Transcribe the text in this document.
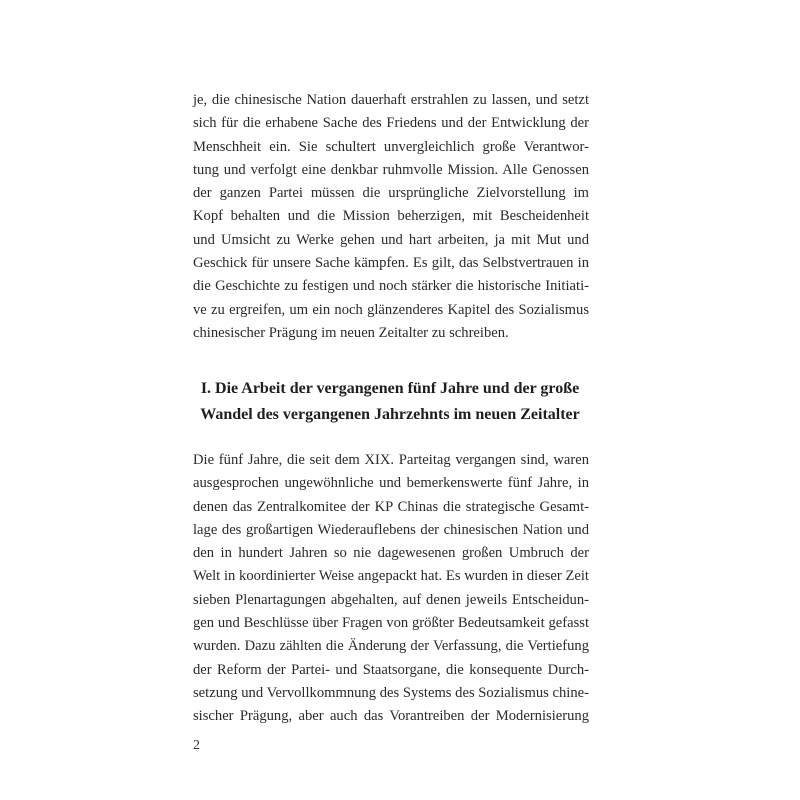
je, die chinesische Nation dauerhaft erstrahlen zu lassen, und setzt
sich für die erhabene Sache des Friedens und der Entwicklung der
Menschheit ein. Sie schultert unvergleichlich große Verantwor-
tung und verfolgt eine denkbar ruhmvolle Mission. Alle Genossen
der ganzen Partei müssen die ursprüngliche Zielvorstellung im
Kopf behalten und die Mission beherzigen, mit Bescheidenheit
und Umsicht zu Werke gehen und hart arbeiten, ja mit Mut und
Geschick für unsere Sache kämpfen. Es gilt, das Selbstvertrauen in
die Geschichte zu festigen und noch stärker die historische Initiati-
ve zu ergreifen, um ein noch glänzenderes Kapitel des Sozialismus
chinesischer Prägung im neuen Zeitalter zu schreiben.
I. Die Arbeit der vergangenen fünf Jahre und der große
Wandel des vergangenen Jahrzehnts im neuen Zeitalter
Die fünf Jahre, die seit dem XIX. Parteitag vergangen sind, waren
ausgesprochen ungewöhnliche und bemerkenswerte fünf Jahre, in
denen das Zentralkomitee der KP Chinas die strategische Gesamt-
lage des großartigen Wiederauflebens der chinesischen Nation und
den in hundert Jahren so nie dagewesenen großen Umbruch der
Welt in koordinierter Weise angepackt hat. Es wurden in dieser Zeit
sieben Plenartagungen abgehalten, auf denen jeweils Entscheidun-
gen und Beschlüsse über Fragen von größter Bedeutsamkeit gefasst
wurden. Dazu zählten die Änderung der Verfassung, die Vertiefung
der Reform der Partei- und Staatsorgane, die konsequente Durch-
setzung und Vervollkommnung des Systems des Sozialismus chine-
sischer Prägung, aber auch das Vorantreiben der Modernisierung
2
